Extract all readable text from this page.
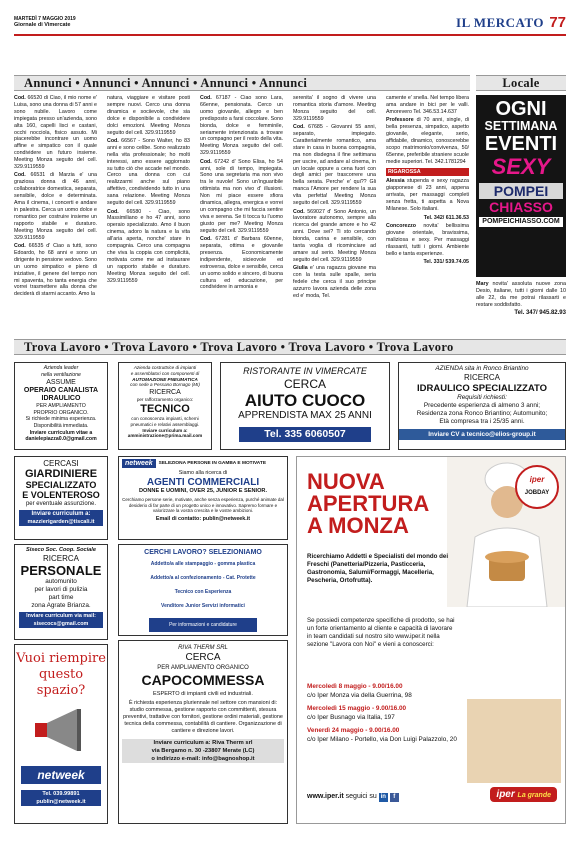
MARTEDÌ 7 MAGGIO 2019
Giornale di Vimercate	IL MERCATO 77
Annunci • Annunci • Annunci • Annunci • Annunci	Locale

Cod. 66520 di Ciao, il mio nome e' Luisa, sono una donna di 57 anni e sono nubile. Lavoro come impiegata presso un'azienda, sono alta 160, capelli lisci e castani, occhi nocciola, fisico assuto. Mi piacerebbe incontrare un uomo affine e simpatico con il quale condividere un futuro insieme. Meeting Monza seguito del cell. 329.9119559

Cod. 66531 di Marzia e' una graziosa donna di 46 anni, collaboratrice domestica, separata, sensibile, dolce e determinata. Ama il cinema, i concerti e andare in palestra. Cerca un uomo dolce e romantico per costruire insieme un rapporto stabile e duraturo. Meeting Monza seguito del cell. 329.9119559

Cod. 66535 d' Ciao a tutti, sono Edoardo, ho 68 anni e sono un dirigente in pensione vedovo. Sono un uomo simpatico e pieno di iniziative, il genere del tempo non mi spaventa, ho tanta energia che vorrei trasmettere alla donna che deciderà di starmi accanto. Amo la

natura, viaggiare e visitare posti sempre nuovi. Cerco una donna dinamica e sociievole, che sia dolce e disponibile a condividere dolci emozioni. Meeting Monza seguito del cell. 329.9119559

Cod. 66567 - Sono Walter, ho 83 anni e sono celibe. Sono realizzato nella vita professionale; ho molti interessi, amo essere aggiornato su tutto ciò che accade nel mondo. Cerco una donna con cui realizzarmi anche sul piano affettivo, condividendo tutto in una sana relazione. Meeting Monza seguito del cell. 329.9119559

Cod. 66580 - Ciao, sono Massimiliano e ho 47 anni, sono operaio specializzato. Amo il buon cinema, adoro la natura e la vita all'aria aperta, nonche' stare in compagnia. Cerco una compagna che viva la coppia con complicità, motivata come me ad instaurare un rapporto stabile e duraturo. Meeting Monza seguito del cell. 329.9119559

Cod. 67187 - Ciao sono Lara, 66enne, pensionata. Cerco un uomo giovanile, allegro e ben predisposto a farsi coccolare. Sono bionda, dolce e femminile, seriamente intenzionata a trovare un compagno per il resto della vita. Meeting Monza seguito del cell. 329.9119559

Cod. 67242 d' Sono Elisa, ho 54 anni, sole di tempo, impiegata. Sono una segretaria ma non vivo tra le nuvole! Sono un'inguaribile ottimista ma non vivo d' illusioni. Non mi piace essere sfiora dinamica, allegra, energica e vorrei un compagno che mi faccia sentire viva e serena. Se ti tocca tu l'uomo giusto per me? Meeting Monza seguito del cell. 329.9119559

Cod. 67281 d' Barbara 60enne, separata, ottima e giovanile presenza. Economicamente indipendente, sicieovole ed estroversa, dolce e sensibile, cerca un uomo solido e sincero, di buona cultura ed educazione, per condividere in armonia e

serenita' il sogno di vivere una romantica storia d'amore. Meeting Monza seguito del cell. 329.9119559

Cod. 67685 - Giovanni 55 anni, separato, impiegato. Caratterialmente romantico, ama stare in casa in buona compagnia, ma non disdegna il fine settimana per uscire, ad andare al cinema, in un locale oppure a cena fuori con degli amici per trascorrere una bella serata. Perche' e' qui?? Gli manca l'Amore per rendere la sua vita perfetta! Meeting Monza seguito del cell. 329.9119559

Cod. 569027 d' Sono Antonio, un lavoratore autonomo, sempre alla ricerca del grande amore e ho 42 anni. Dove sei? Ti sto cercando bionda, carina e sensibile, con tanta voglia di ricominciare ad amare sul serio. Meeting Monza seguito del cell. 329.9119559

Giulia e' una ragazza giovane ma con la testa sulle spalle, seria fedele che cerca il suo principe azzurro lavora azienda delle zona ed e' moda, Tel.

camente e' snella. Nel tempo libera ama andare in bici per le valli. Amorevero Tel. 346.53.14.637

Professore di 70 anni, single, di bella presenza, simpatico, aspetto giovanile, elegante, serio, affidabile, dinamico, conoscerebbe scopo matrimonio/convivenza, 50/ 65enne, preferibile straniere scuole medie superiori. Tel. 342.1781294

RIGAROSSA

Alessia stupenda e sexy ragazza giapponese di 23 anni, appena arrivata, per massaggi completi senza fretta, ti aspetta a Nova Milanese. Solo italiani.

Tel. 342/ 611.36.53

Concorezzo novita' bellissima giovane orientale, bravissima, maliziosa e sexy. Per massaggi rilassanti, tutti i giorni. Ambiente bello e tanta esperienze.

Tel. 331/ 539.74.05

OGNI
SETTIMANA
EVENTI
SEXY
POMPEI
CHIASSO
POMPEICHIASSO.COM
Mary novita' assoluta nuove zona Desio, italiane, tutti i giorni dalle 10 alle 22, da me potrai rilassarti e restare soddisfatto.
Tel. 347/ 945.82.93
Trova Lavoro • Trova Lavoro • Trova Lavoro • Trova Lavoro • Trova Lavoro
Azienda leader
nella ventilazione
ASSUME
OPERAIO CANALISTA
IDRAULICO
PER AMPLIAMENTO
PROPRIO ORGANICO.
Si richiede minima esperienza.
Disponibilità immediata.
Inviare curriculum vitae a
danielepiazza0.0@gmail.com
Azienda costruttrice di impianti
e assemblatori con componenti di
AUTOMAZIONE PNEUMATICA
con sede a Pessano Bornago (MI)
RICERCA
per rafforzamento organico:
TECNICO
con conoscenza impianti, schemi
pneumatici e relativi assemblaggi.
Inviare curriculum a:
amministrazione@prima.mail.com
RISTORANTE IN VIMERCATE
CERCA
AIUTO CUOCO
APPRENDISTA MAX 25 ANNI
Tel. 335 6060507
AZIENDA sita in Ronco Briantino
RICERCA
IDRAULICO SPECIALIZZATO
Requisiti richiesti:
Precedente esperienza di almeno 3 anni;
Residenza zona Ronco Briantino; Automunito;
Età compresa tra i 25/35 anni.
Inviare CV a tecnico@elios-group.it
CERCASI
GIARDINIERE
SPECIALIZZATO
E VOLENTEROSO
per eventuale assunzione.
Inviare curriculum a:
mazzierigarden@tiscali.it
netweek	SELEZIONA PERSONE IN GAMBA E MOTIVATE
Siamo alla ricerca di
AGENTI COMMERCIALI
DONNE E UOMINI, OVER 25, JUNIOR E SENIOR.
Cerchiamo persone serie, motivate, anche senza esperienza, purché animate dal desiderio di far parte di un progetto unico e innovativo. Sapremo formare e valorizzare la vostra crescita e le vostre ambizioni.
Email di contatto: publin@netweek.it
Siseco Soc. Coop. Sociale
RICERCA
PERSONALE
automunito
per lavori di pulizia
part time
zona Agrate Brianza.
Inviare curriculum via mail:
sisecocs@gmail.com
CERCHI LAVORO? SELEZIONIAMO
Addetto/a alle stampaggio - gomma plastica
Addetto/a al confezionamento - Cat. Protette
Tecnico con Esperienza
Venditore Junior Servizi informatici
Per informazioni e candidature
Vuoi riempire
questo
spazio?
netweek
Tel. 039.99891
publin@netweek.it
RIVA THERM SRL
CERCA
PER AMPLIAMENTO ORGANICO
CAPOCOMMESSA
ESPERTO di impianti civili ed industriali.
È richiesta esperienza pluriennale nel settore con mansioni di: studio commessa, gestione rapporto con committenti, stesura preventivi, trattative con fornitori, gestione ordini materiali, gestione tecnica della commessa, contabilità di cantiere. Organizzazione di cantiere e direzione lavori.
Inviare curriculum a: Riva Therm srl
via Bergamo n. 30 -23807 Merate (LC)
o indirizzo e-mail: info@bagnoshop.it
NUOVA
APERTURA
A MONZA
iper
JOBDAY
Ricerchiamo Addetti e Specialisti del mondo dei Freschi (Panetteria/Pizzeria, Pasticceria, Gastronomia, Salumi/Formaggi, Macelleria, Pescheria, Ortofrutta).
Se possiedi competenze specifiche di prodotto, se hai un forte orientamento al cliente e capacità di lavorare in team candidati sul nostro sito www.iper.it nella sezione "Lavora con Noi" e vieni a conoscerci:
Mercoledì 8 maggio - 9.00/16.00
c/o Iper Monza via della Guerrina, 98
Mercoledì 15 maggio - 9.00/16.00
c/o Iper Busnago via Italia, 197
Venerdì 24 maggio - 9.00/16.00
c/o Iper Milano - Portello, via Don Luigi Palazzolo, 20
www.iper.it seguici su in f	iper La grande
